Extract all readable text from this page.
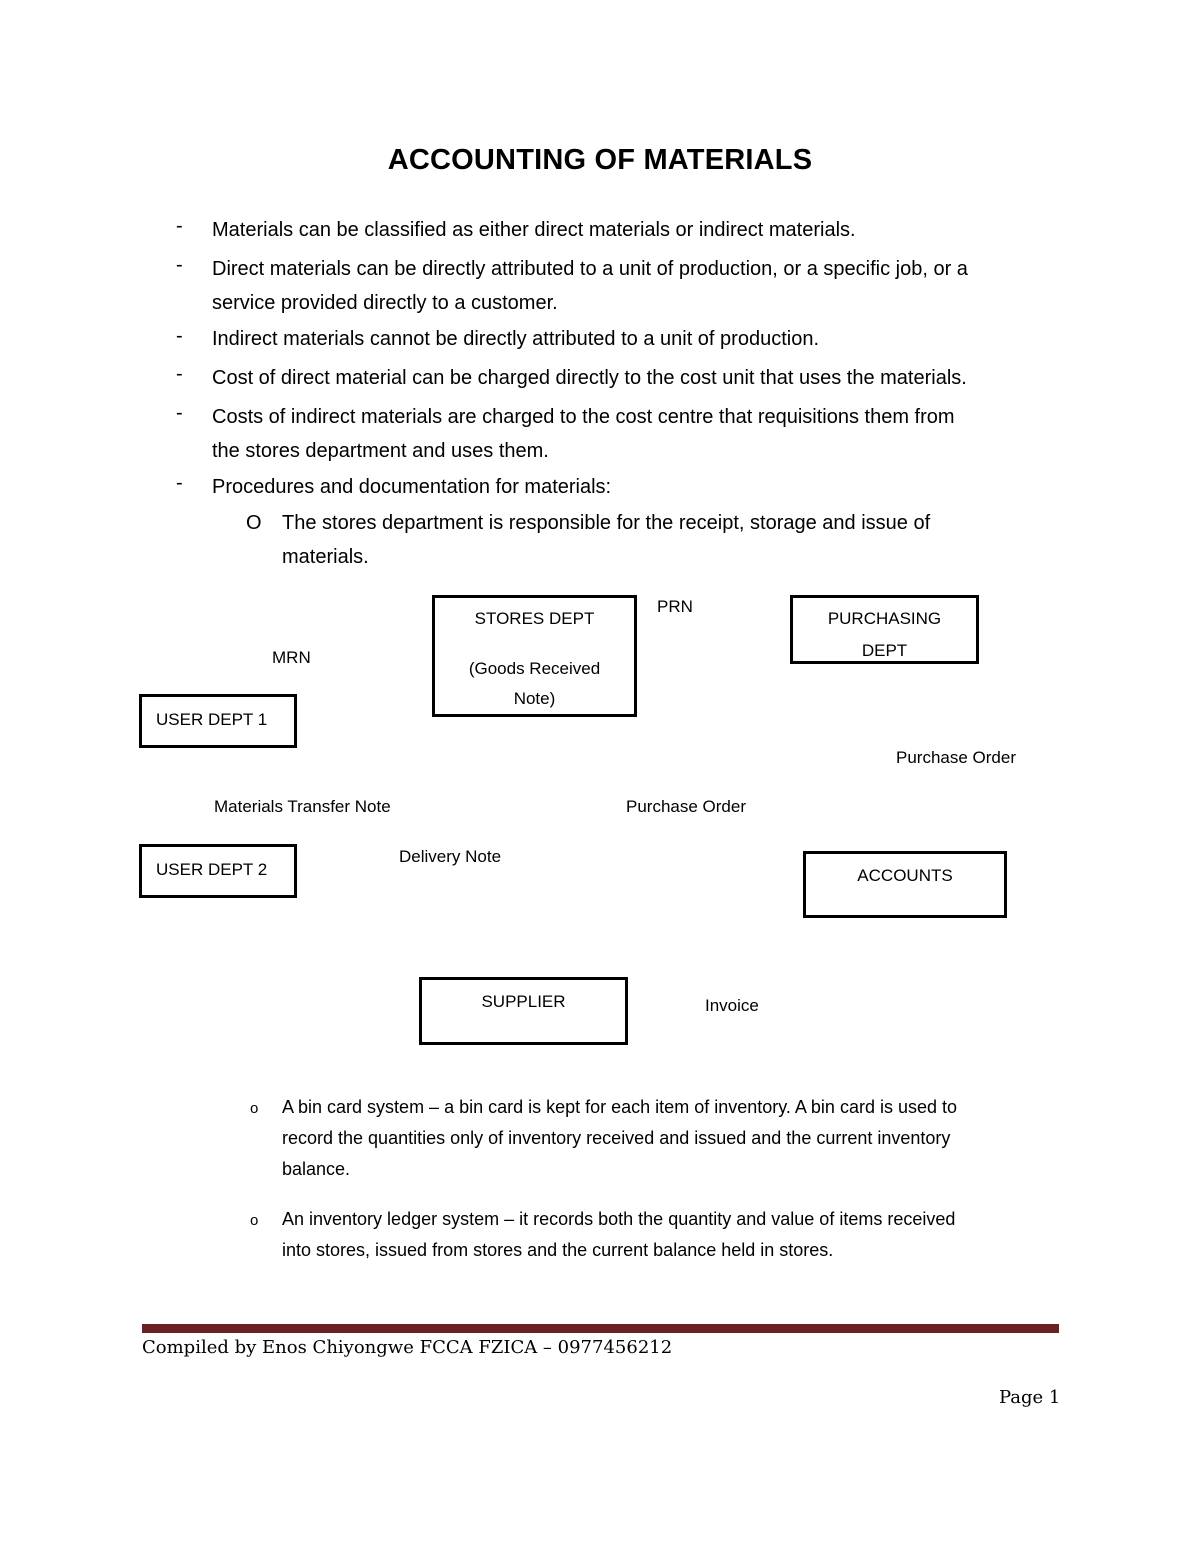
ACCOUNTING OF MATERIALS
- Materials can be classified as either direct materials or indirect materials.
- Direct materials can be directly attributed to a unit of production, or a specific job, or a
service provided directly to a customer.
- Indirect materials cannot be directly attributed to a unit of production.
- Cost of direct material can be charged directly to the cost unit that uses the materials.
- Costs of indirect materials are charged to the cost centre that requisitions them from
the stores department and uses them.
- Procedures and documentation for materials:
O The stores department is responsible for the receipt, storage and issue of
materials.
STORES DEPT
(Goods Received
Note)
PURCHASING
DEPT
USER DEPT 1
USER DEPT 2	ACCOUNTS
SUPPLIER
PRN
MRN
Purchase Order
Materials Transfer Note	Purchase Order
Delivery Note
Invoice
o A bin card system – a bin card is kept for each item of inventory. A bin card is used to
record the quantities only of inventory received and issued and the current inventory
balance.
o An inventory ledger system – it records both the quantity and value of items received
into stores, issued from stores and the current balance held in stores.
Compiled by Enos Chiyongwe FCCA FZICA – 0977456212
Page 1
